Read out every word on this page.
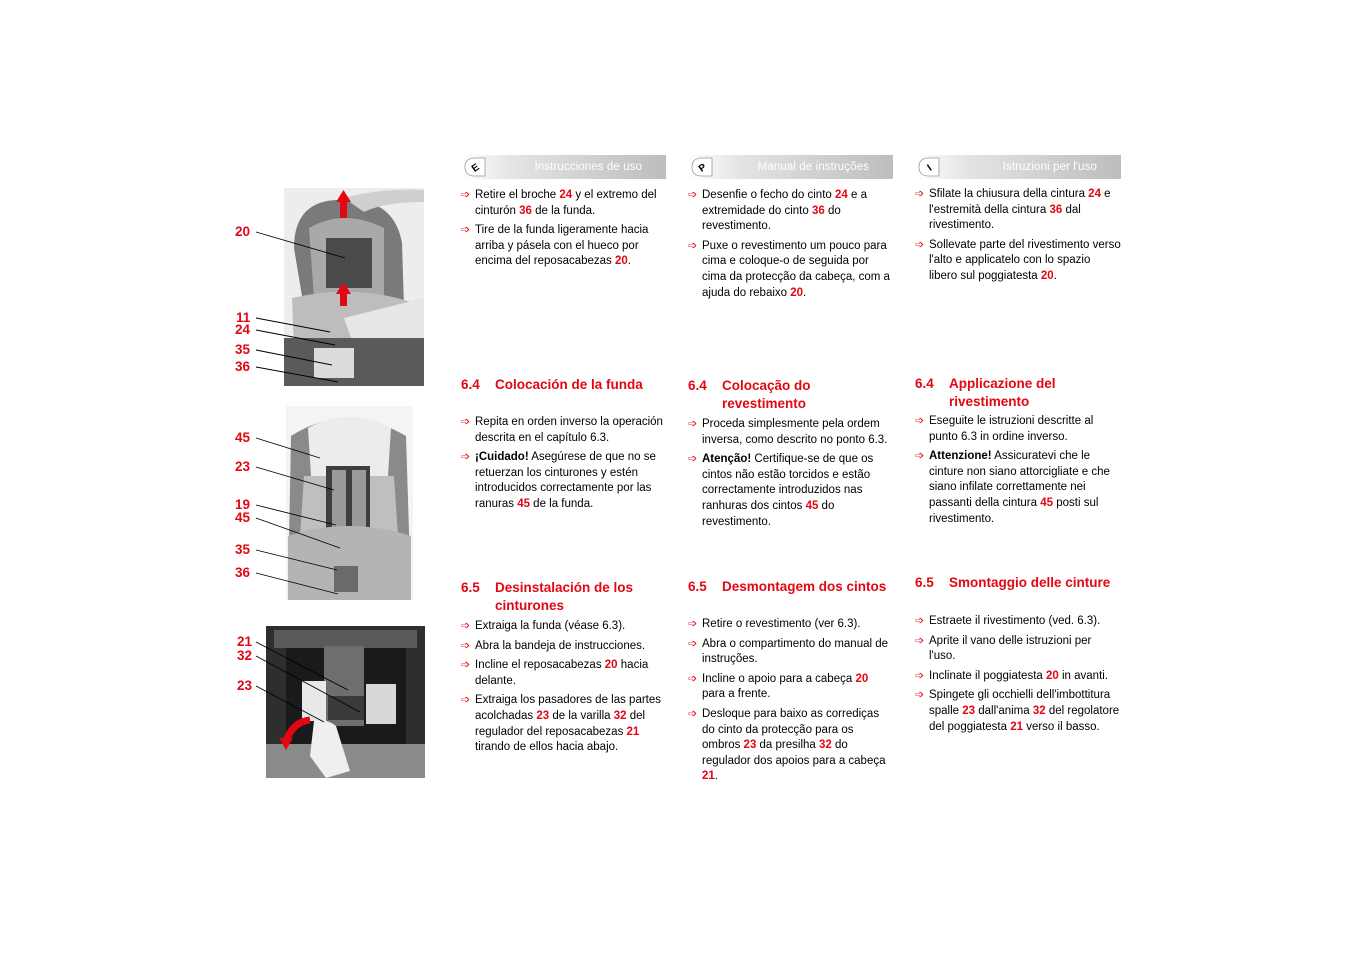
20
11
24
35
36
45
23
19
45
35
36
21
32
23
E	Instrucciones de uso

➩ Retire el broche 24 y el extremo del cinturón 36 de la funda.

➩ Tire de la funda ligeramente hacia arriba y pásela con el hueco por encima del reposacabezas 20.

6.4 Colocación de la funda

➩ Repita en orden inverso la operación descrita en el capítulo 6.3.

➩ ¡Cuidado! Asegúrese de que no se retuerzan los cinturones y estén introducidos correctamente por las ranuras 45 de la funda.

6.5 Desinstalación de los cinturones

➩ Extraiga la funda (véase 6.3).

➩ Abra la bandeja de instrucciones.

➩ Incline el reposacabezas 20 hacia delante.

➩ Extraiga los pasadores de las partes acolchadas 23 de la varilla 32 del regulador del reposacabezas 21 tirando de ellos hacia abajo.

P	Manual de instruções

➩ Desenfie o fecho do cinto 24 e a extremidade do cinto 36 do revestimento.

➩ Puxe o revestimento um pouco para cima e coloque-o de seguida por cima da protecção da cabeça, com a ajuda do rebaixo 20.

6.4 Colocação do revestimento

➩ Proceda simplesmente pela ordem inversa, como descrito no ponto 6.3.

➩ Atenção! Certifique-se de que os cintos não estão torcidos e estão correctamente introduzidos nas ranhuras dos cintos 45 do revestimento.

6.5 Desmontagem dos cintos

➩ Retire o revestimento (ver 6.3).

➩ Abra o compartimento do manual de instruções.

➩ Incline o apoio para a cabeça 20 para a frente.

➩ Desloque para baixo as corrediças do cinto da protecção para os ombros 23 da presilha 32 do regulador dos apoios para a cabeça 21.

I	Istruzioni per l'uso

➩ Sfilate la chiusura della cintura 24 e l'estremità della cintura 36 dal rivestimento.

➩ Sollevate parte del rivestimento verso l'alto e applicatelo con lo spazio libero sul poggiatesta 20.

6.4 Applicazione del rivestimento

➩ Eseguite le istruzioni descritte al punto 6.3 in ordine inverso.

➩ Attenzione! Assicuratevi che le cinture non siano attorcigliate e che siano infilate correttamente nei passanti della cintura 45 posti sul rivestimento.

6.5 Smontaggio delle cinture

➩ Estraete il rivestimento (ved. 6.3).

➩ Aprite il vano delle istruzioni per l'uso.

➩ Inclinate il poggiatesta 20 in avanti.

➩ Spingete gli occhielli dell'imbottitura spalle 23 dall'anima 32 del regolatore del poggiatesta 21 verso il basso.
